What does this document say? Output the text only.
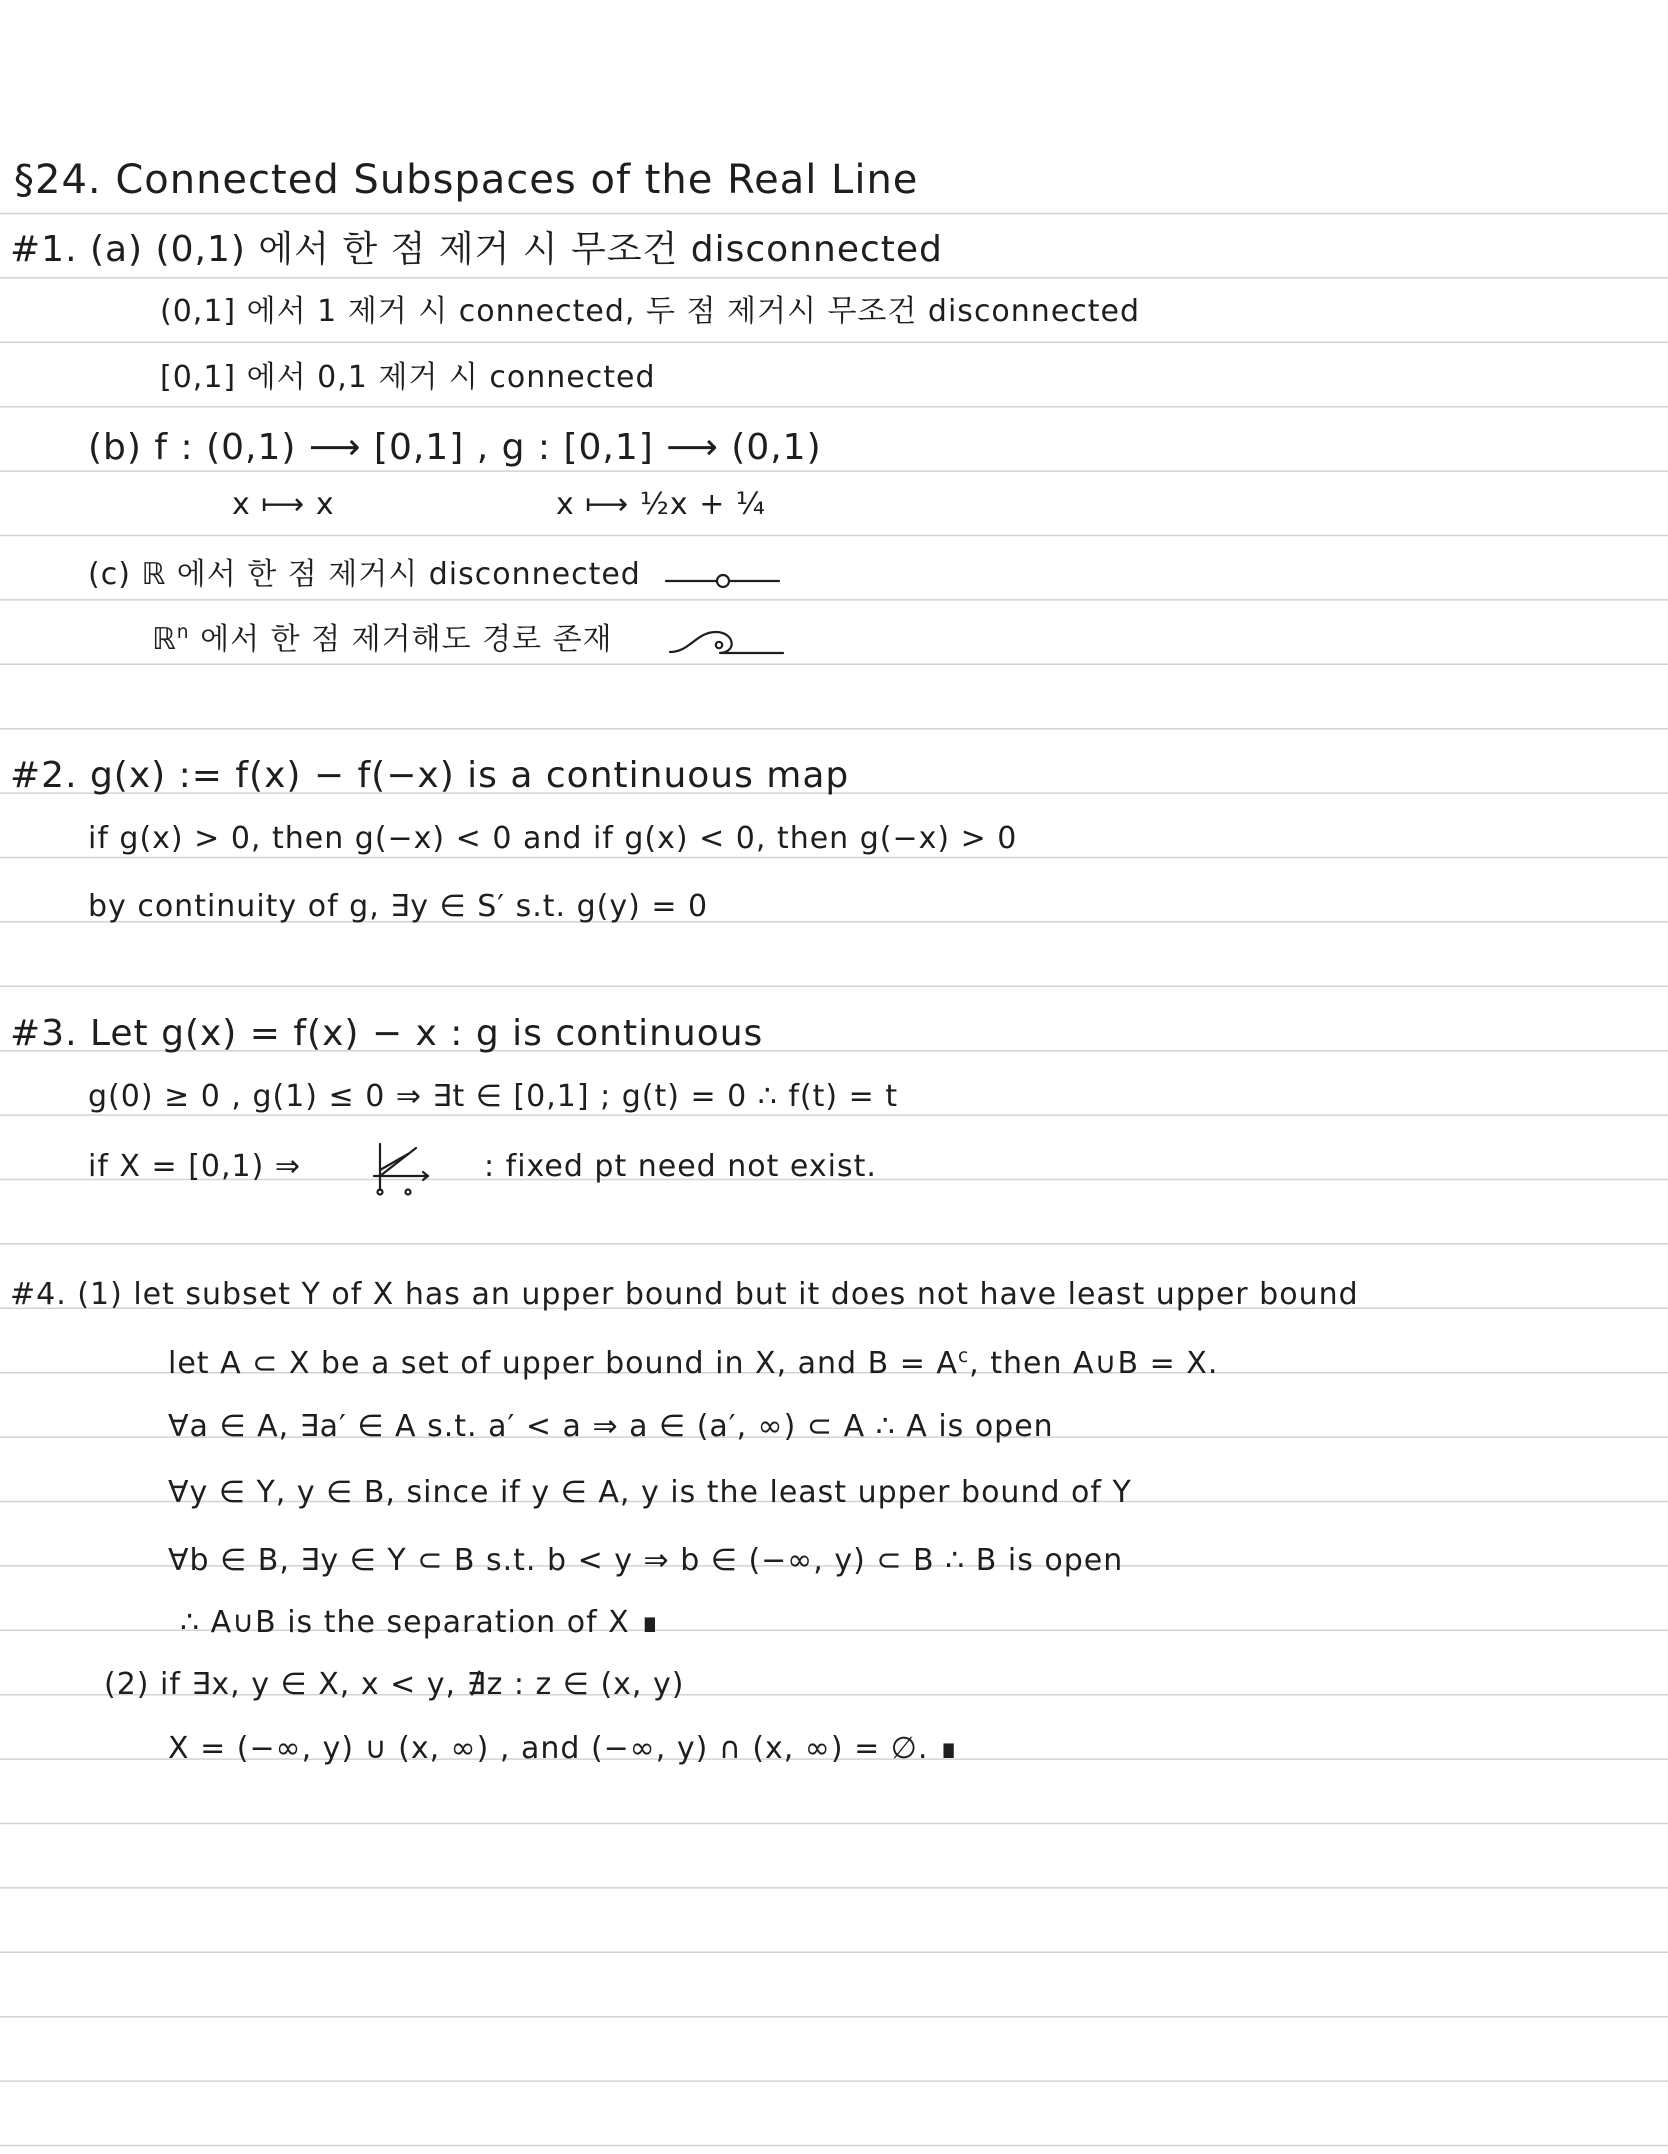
§24. Connected Subspaces of the Real Line
#1. (a) (0,1) 에서 한 점 제거 시 무조건 disconnected
(0,1] 에서 1 제거 시 connected, 두 점 제거시 무조건 disconnected
[0,1] 에서 0,1 제거 시 connected
(b) f : (0,1) ⟶ [0,1] , g : [0,1] ⟶ (0,1)
x ⟼ x	x ⟼ ½x + ¼
(c) ℝ 에서 한 점 제거시 disconnected
ℝ$^n$ 에서 한 점 제거해도 경로 존재
#2. g(x) := f(x) − f(−x) is a continuous map
if g(x) > 0, then g(−x) < 0 and if g(x) < 0, then g(−x) > 0
by continuity of g, ∃y ∈ S′ s.t. g(y) = 0
#3. Let g(x) = f(x) − x : g is continuous
g(0) ≥ 0 , g(1) ≤ 0 ⇒ ∃t ∈ [0,1] ; g(t) = 0 ∴ f(t) = t
if X = [0,1) ⇒	: fixed pt need not exist.
#4. (1) let subset Y of X has an upper bound but it does not have least upper bound
let A ⊂ X be a set of upper bound in X, and $B = A^c$, then A∪B = X.
∀a ∈ A, ∃a′ ∈ A s.t. a′ < a ⇒ a ∈ (a′, ∞) ⊂ A ∴ A is open
∀y ∈ Y, y ∈ B, since if y ∈ A, y is the least upper bound of Y
∀b ∈ B, ∃y ∈ Y ⊂ B s.t. b < y ⇒ b ∈ (−∞, y) ⊂ B ∴ B is open
∴ A∪B is the separation of X ∎
(2) if ∃x, y ∈ X, x < y, ∄z : z ∈ (x, y)
X = (−∞, y) ∪ (x, ∞) , and (−∞, y) ∩ (x, ∞) = ∅. ∎
